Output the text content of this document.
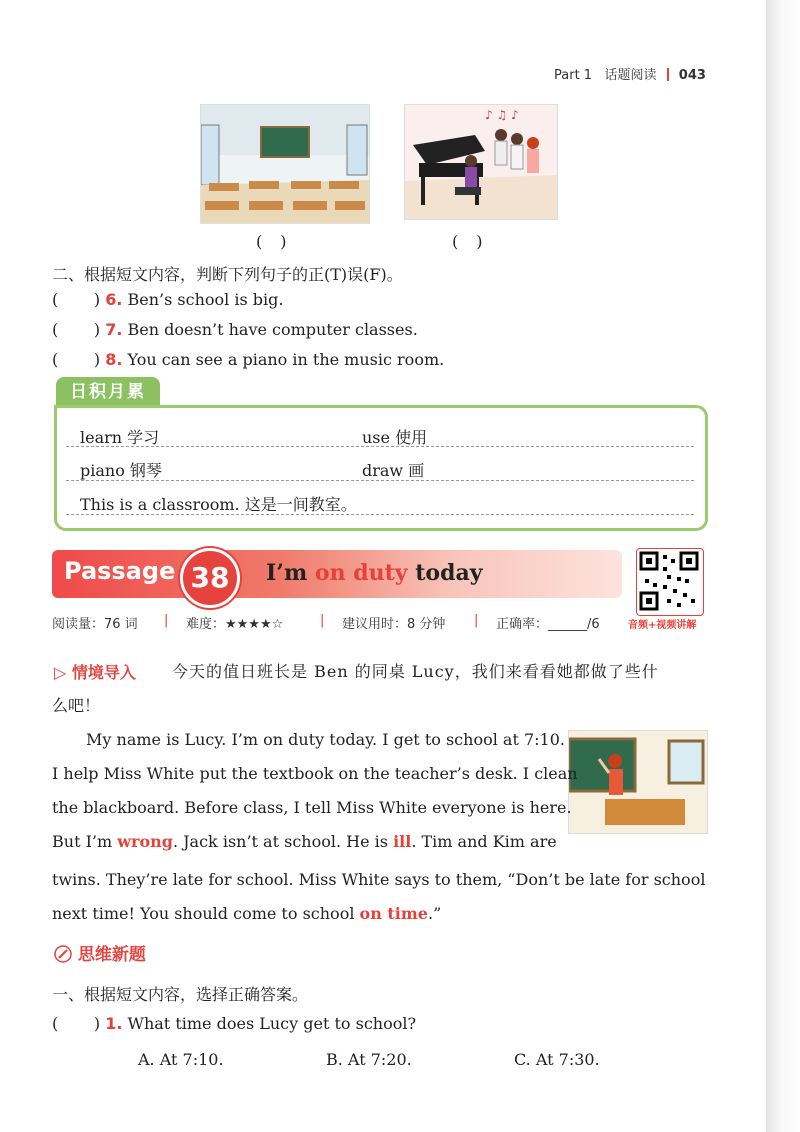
Part 1 话题阅读 043
♪ ♫ ♪
()	()
二、根据短文内容，判断下列句子的正(T)误(F)。
( ) 6. Ben’s school is big.
( ) 7. Ben doesn’t have computer classes.
( ) 8. You can see a piano in the music room.
日积月累
learn 学习	use 使用
piano 钢琴	draw 画
This is a classroom. 这是一间教室。
Passage 38	I’m on duty today
音频+视频讲解
阅读量：76 词 | 难度：★★★★☆	| 建议用时：8 分钟 | 正确率：______/6
▷ 情境导入 今天的值日班长是 Ben 的同桌 Lucy，我们来看看她都做了些什
么吧！
My name is Lucy. I’m on duty today. I get to school at 7:10.
I help Miss White put the textbook on the teacher’s desk. I clean
the blackboard. Before class, I tell Miss White everyone is here.
But I’m wrong. Jack isn’t at school. He is ill. Tim and Kim are
twins. They’re late for school. Miss White says to them, “Don’t be late for school
next time! You should come to school on time.”
思维新题
一、根据短文内容，选择正确答案。
( ) 1. What time does Lucy get to school?
A. At 7:10.	B. At 7:20.	C. At 7:30.
